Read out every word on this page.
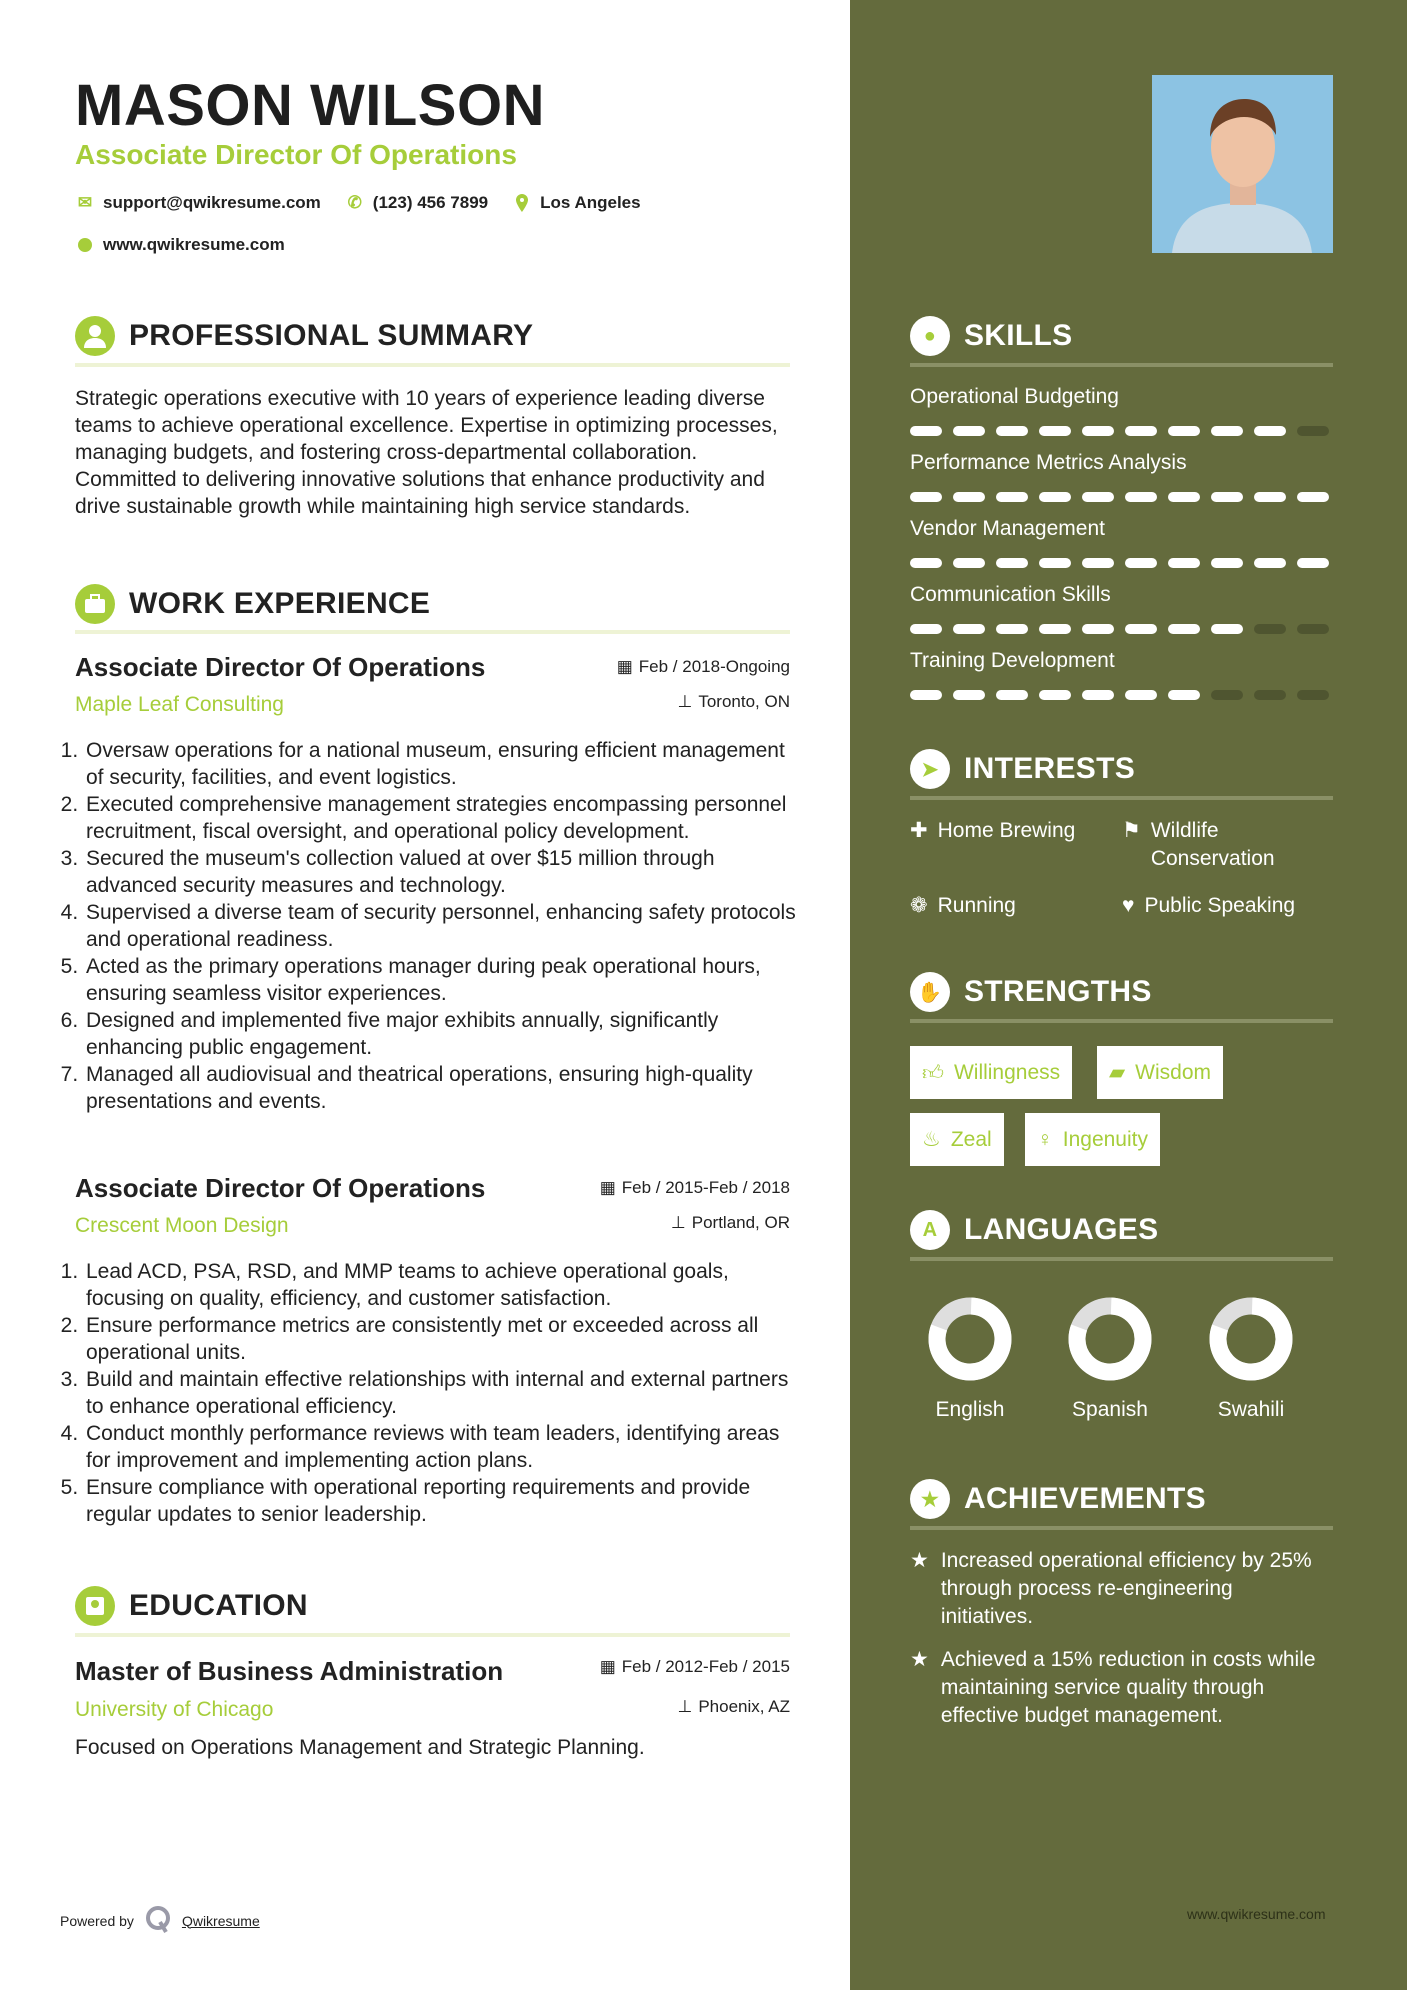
MASON WILSON
Associate Director Of Operations
✉ support@qwikresume.com ✆ (123) 456 7899	Los Angeles
www.qwikresume.com
PROFESSIONAL SUMMARY
Strategic operations executive with 10 years of experience leading diverse teams to achieve operational excellence. Expertise in optimizing processes, managing budgets, and fostering cross-departmental collaboration. Committed to delivering innovative solutions that enhance productivity and drive sustainable growth while maintaining high service standards.
WORK EXPERIENCE
Associate Director Of Operations	▦ Feb / 2018-Ongoing
Maple Leaf Consulting	⊥ Toronto, ON
1. Oversaw operations for a national museum, ensuring efficient management of security, facilities, and event logistics.
2. Executed comprehensive management strategies encompassing personnel recruitment, fiscal oversight, and operational policy development.
3. Secured the museum's collection valued at over $15 million through advanced security measures and technology.
4. Supervised a diverse team of security personnel, enhancing safety protocols and operational readiness.
5. Acted as the primary operations manager during peak operational hours, ensuring seamless visitor experiences.
6. Designed and implemented five major exhibits annually, significantly enhancing public engagement.
7. Managed all audiovisual and theatrical operations, ensuring high-quality presentations and events.
Associate Director Of Operations	▦ Feb / 2015-Feb / 2018
Crescent Moon Design	⊥ Portland, OR
1. Lead ACD, PSA, RSD, and MMP teams to achieve operational goals, focusing on quality, efficiency, and customer satisfaction.
2. Ensure performance metrics are consistently met or exceeded across all operational units.
3. Build and maintain effective relationships with internal and external partners to enhance operational efficiency.
4. Conduct monthly performance reviews with team leaders, identifying areas for improvement and implementing action plans.
5. Ensure compliance with operational reporting requirements and provide regular updates to senior leadership.
EDUCATION
Master of Business Administration	▦ Feb / 2012-Feb / 2015
University of Chicago	⊥ Phoenix, AZ
Focused on Operations Management and Strategic Planning.
Powered by	Qwikresume
● SKILLS
Operational Budgeting
Performance Metrics Analysis
Vendor Management
Communication Skills
Training Development
➤ INTERESTS
✚ Home Brewing ⚑ Wildlife Conservation
❁ Running	♥ Public Speaking
✋ STRENGTHS
👍︎ Willingness ▰ Wisdom
♨ Zeal ♀ Ingenuity
A LANGUAGES
English	Spanish	Swahili
★ ACHIEVEMENTS
★ Increased operational efficiency by 25% through process re-engineering initiatives.
★ Achieved a 15% reduction in costs while maintaining service quality through effective budget management.
www.qwikresume.com
